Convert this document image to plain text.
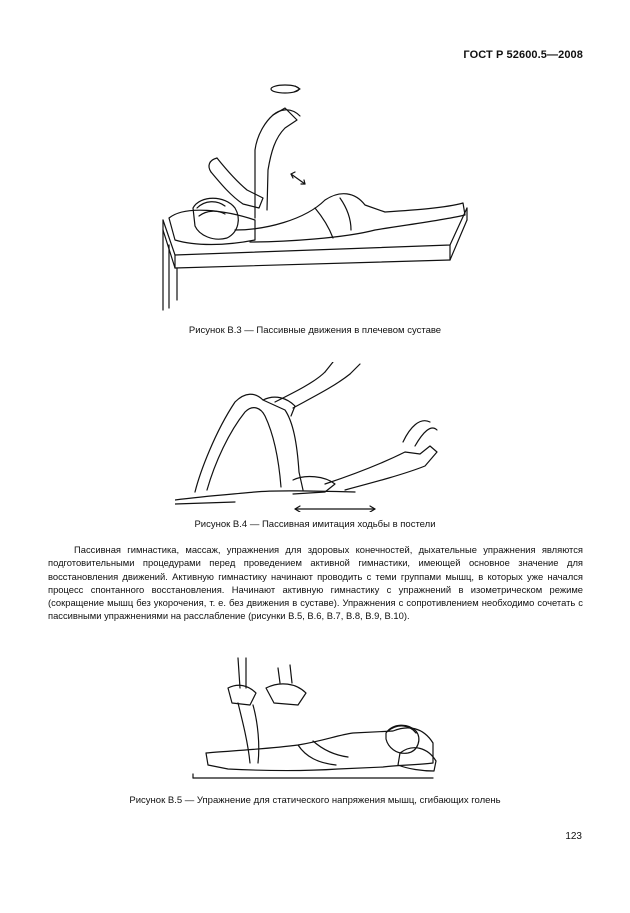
ГОСТ Р 52600.5—2008
Рисунок В.3 — Пассивные движения в плечевом суставе
Рисунок В.4 — Пассивная имитация ходьбы в постели

Пассивная гимнастика, массаж, упражнения для здоровых конечностей, дыхательные упражнения являются подготовительными процедурами перед проведением активной гимнастики, имеющей основное значение для восстановления движений. Активную гимнастику начинают проводить с теми группами мышц, в которых уже начался процесс спонтанного восстановления. Начинают активную гимнастику с упражнений в изометрическом режиме (сокращение мышц без укорочения, т. е. без движения в суставе). Упражнения с сопротивлением необходимо сочетать с пассивными упражнениями на расслабление (рисунки В.5, В.6, В.7, В.8, В.9, В.10).

Рисунок В.5 — Упражнение для статического напряжения мышц, сгибающих голень
123
